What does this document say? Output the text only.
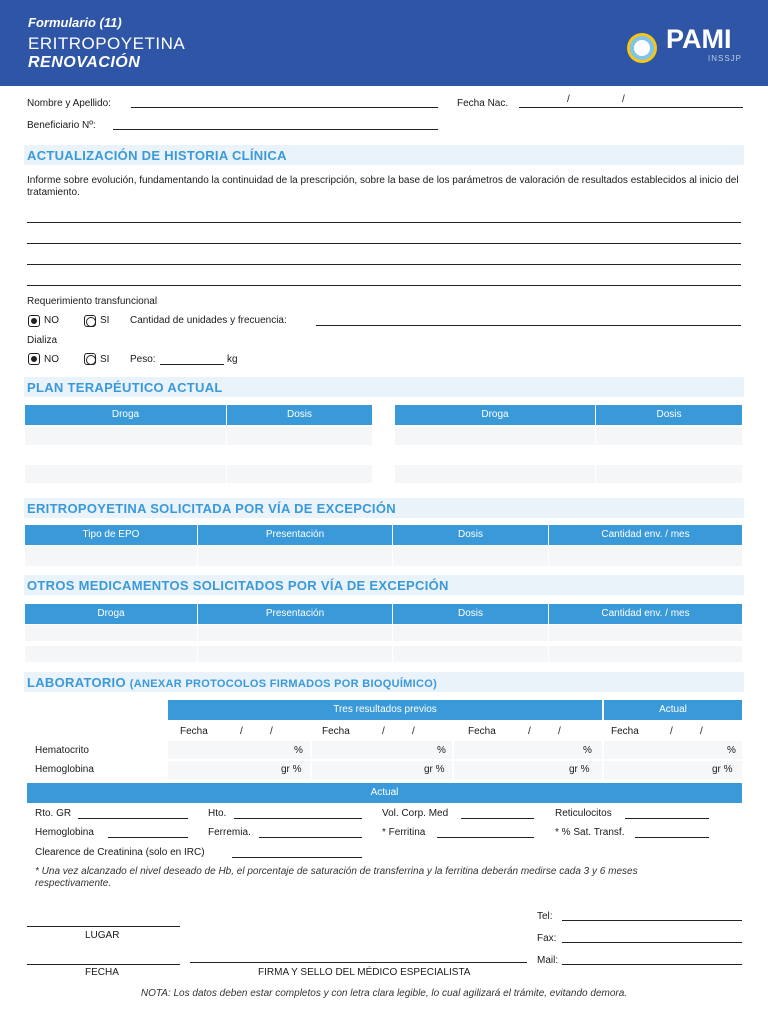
Formulario (11)
ERITROPOYETINA
RENOVACIÓN
PAMI
INSSJP
Nombre y Apellido:	Fecha Nac.	/	/
Beneficiario Nº:
ACTUALIZACIÓN DE HISTORIA CLÍNICA
Informe sobre evolución, fundamentando la continuidad de la prescripción, sobre la base de los parámetros de valoración de resultados establecidos al inicio del tratamiento.
Requerimiento transfuncional
NO	SI Cantidad de unidades y frecuencia:
Dializa
NO	SI Peso:	kg
PLAN TERAPÉUTICO ACTUAL
Droga	Dosis	Droga	Dosis
ERITROPOYETINA SOLICITADA POR VÍA DE EXCEPCIÓN
Tipo de EPO	Presentación	Dosis	Cantidad env. / mes
OTROS MEDICAMENTOS SOLICITADOS POR VÍA DE EXCEPCIÓN
Droga	Presentación	Dosis	Cantidad env. / mes
LABORATORIO (ANEXAR PROTOCOLOS FIRMADOS POR BIOQUÍMICO)
Tres resultados previos	Actual
Fecha	/	/	Fecha	/	/	Fecha	/	/	Fecha	/	/
Hematocrito	%	%	%	%
Hemoglobina	gr %	gr %	gr %	gr %
Actual
Rto. GR	Hto.	Vol. Corp. Med	Reticulocitos
Hemoglobina	Ferremia.	* Ferritina	* % Sat. Transf.
Clearence de Creatinina (solo en IRC)
* Una vez alcanzado el nivel deseado de Hb, el porcentaje de saturación de transferrina y la ferritina deberán medirse cada 3 y 6 meses respectivamente.
LUGAR
FECHA	FIRMA Y SELLO DEL MÉDICO ESPECIALISTA
Tel:
Fax:
Mail:
NOTA: Los datos deben estar completos y con letra clara legible, lo cual agilizará el trámite, evitando demora.
